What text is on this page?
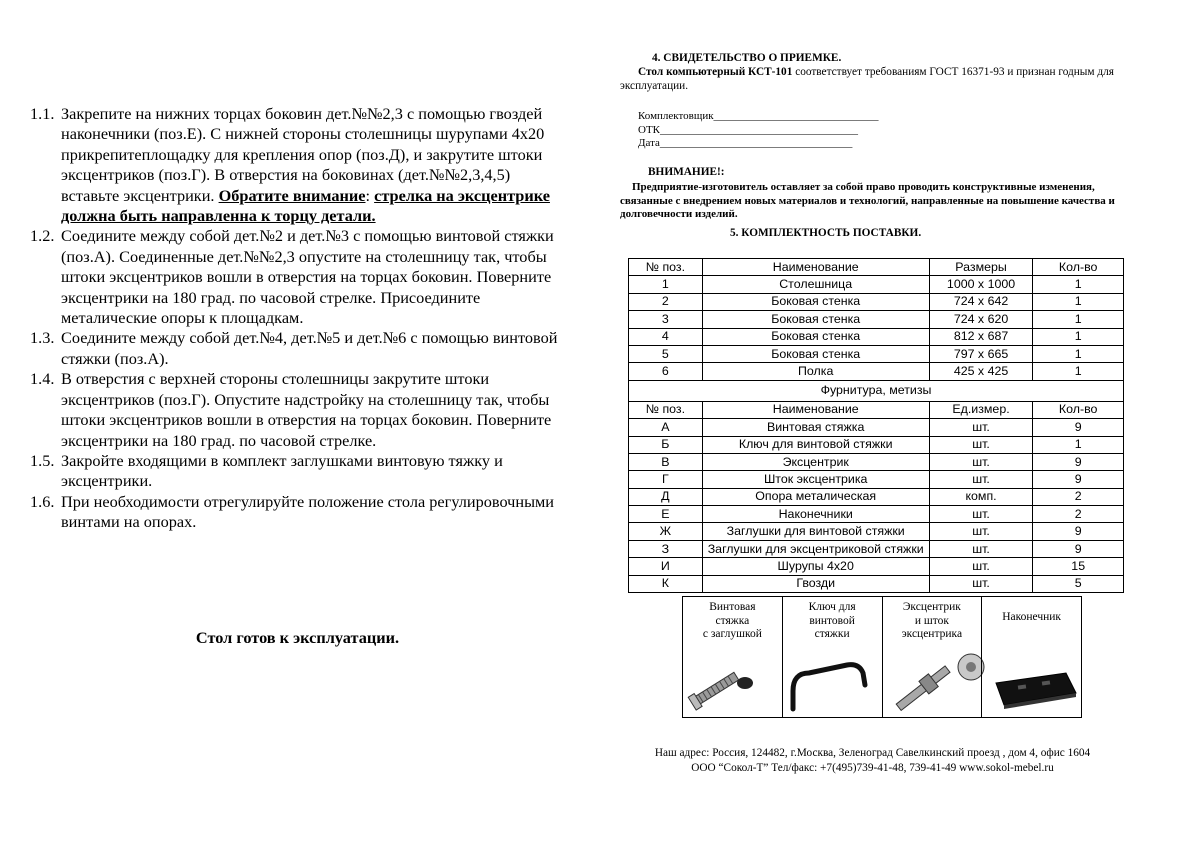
1.1. Закрепите на нижних торцах боковин дет.№№2,3 с помощью гвоздей наконечники (поз.Е). С нижней стороны столешницы шурупами 4х20 прикрепитеплощадку для крепления опор (поз.Д), и закрутите штоки эксцентриков (поз.Г). В отверстия на боковинах (дет.№№2,3,4,5) вставьте эксцентрики. Обратите внимание: стрелка на эксцентрике должна быть направленна к торцу детали.
1.2. Соедините между собой дет.№2 и дет.№3 с помощью винтовой стяжки (поз.А). Соединенные дет.№№2,3 опустите на столешницу так, чтобы штоки эксцентриков вошли в отверстия на торцах боковин. Поверните эксцентрики на 180 град. по часовой стрелке. Присоедините металические опоры к площадкам.
1.3. Соедините между собой дет.№4, дет.№5 и дет.№6 с помощью винтовой стяжки (поз.А).
1.4. В отверстия с верхней стороны столешницы закрутите штоки эксцентриков (поз.Г). Опустите надстройку на столешницу так, чтобы штоки эксцентриков вошли в отверстия на торцах боковин. Поверните эксцентрики на 180 град. по часовой стрелке.
1.5. Закройте входящими в комплект заглушками винтовую тяжку и эксцентрики.
1.6. При необходимости отрегулируйте положение стола регулировочными винтами на опорах.
Стол готов к эксплуатации.
4. СВИДЕТЕЛЬСТВО О ПРИЕМКЕ.
Стол компьютерный КСТ-101 соответствует требованиям ГОСТ 16371-93 и признан годным для эксплуатации.
Комплектовщик______________________________
ОТК____________________________________
Дата___________________________________
ВНИМАНИЕ!:
Предприятие-изготовитель оставляет за собой право проводить конструктивные изменения, связанные с внедрением новых материалов и технологий, направленные на повышение качества и долговечности изделий.
5. КОМПЛЕКТНОСТЬ ПОСТАВКИ.
№ поз.	Наименование	Размеры	Кол-во
1	Столешница	1000 х 1000	1
2	Боковая стенка	724 х 642	1
3	Боковая стенка	724 х 620	1
4	Боковая стенка	812 х 687	1
5	Боковая стенка	797 х 665	1
6	Полка	425 х 425	1
Фурнитура, метизы			
№ поз.	Наименование	Ед.измер.	Кол-во
А	Винтовая стяжка	шт.	9
Б	Ключ для винтовой стяжки	шт.	1
В	Эксцентрик	шт.	9
Г	Шток эксцентрика	шт.	9
Д	Опора металическая	комп.	2
Е	Наконечники	шт.	2
Ж	Заглушки для винтовой стяжки	шт.	9
З	Заглушки для эксцентриковой стяжки	шт.	9
И	Шурупы 4х20	шт.	15
К	Гвозди	шт.	5
Винтовая
стяжка
с заглушкой
Ключ для
винтовой
стяжки
Эксцентрик
и шток
эксцентрика
Наконечник
Наш адрес: Россия, 124482, г.Москва, Зеленоград Савелкинский проезд , дом 4, офис 1604
ООО “Сокол-Т” Тел/факс: +7(495)739-41-48, 739-41-49 www.sokol-mebel.ru
